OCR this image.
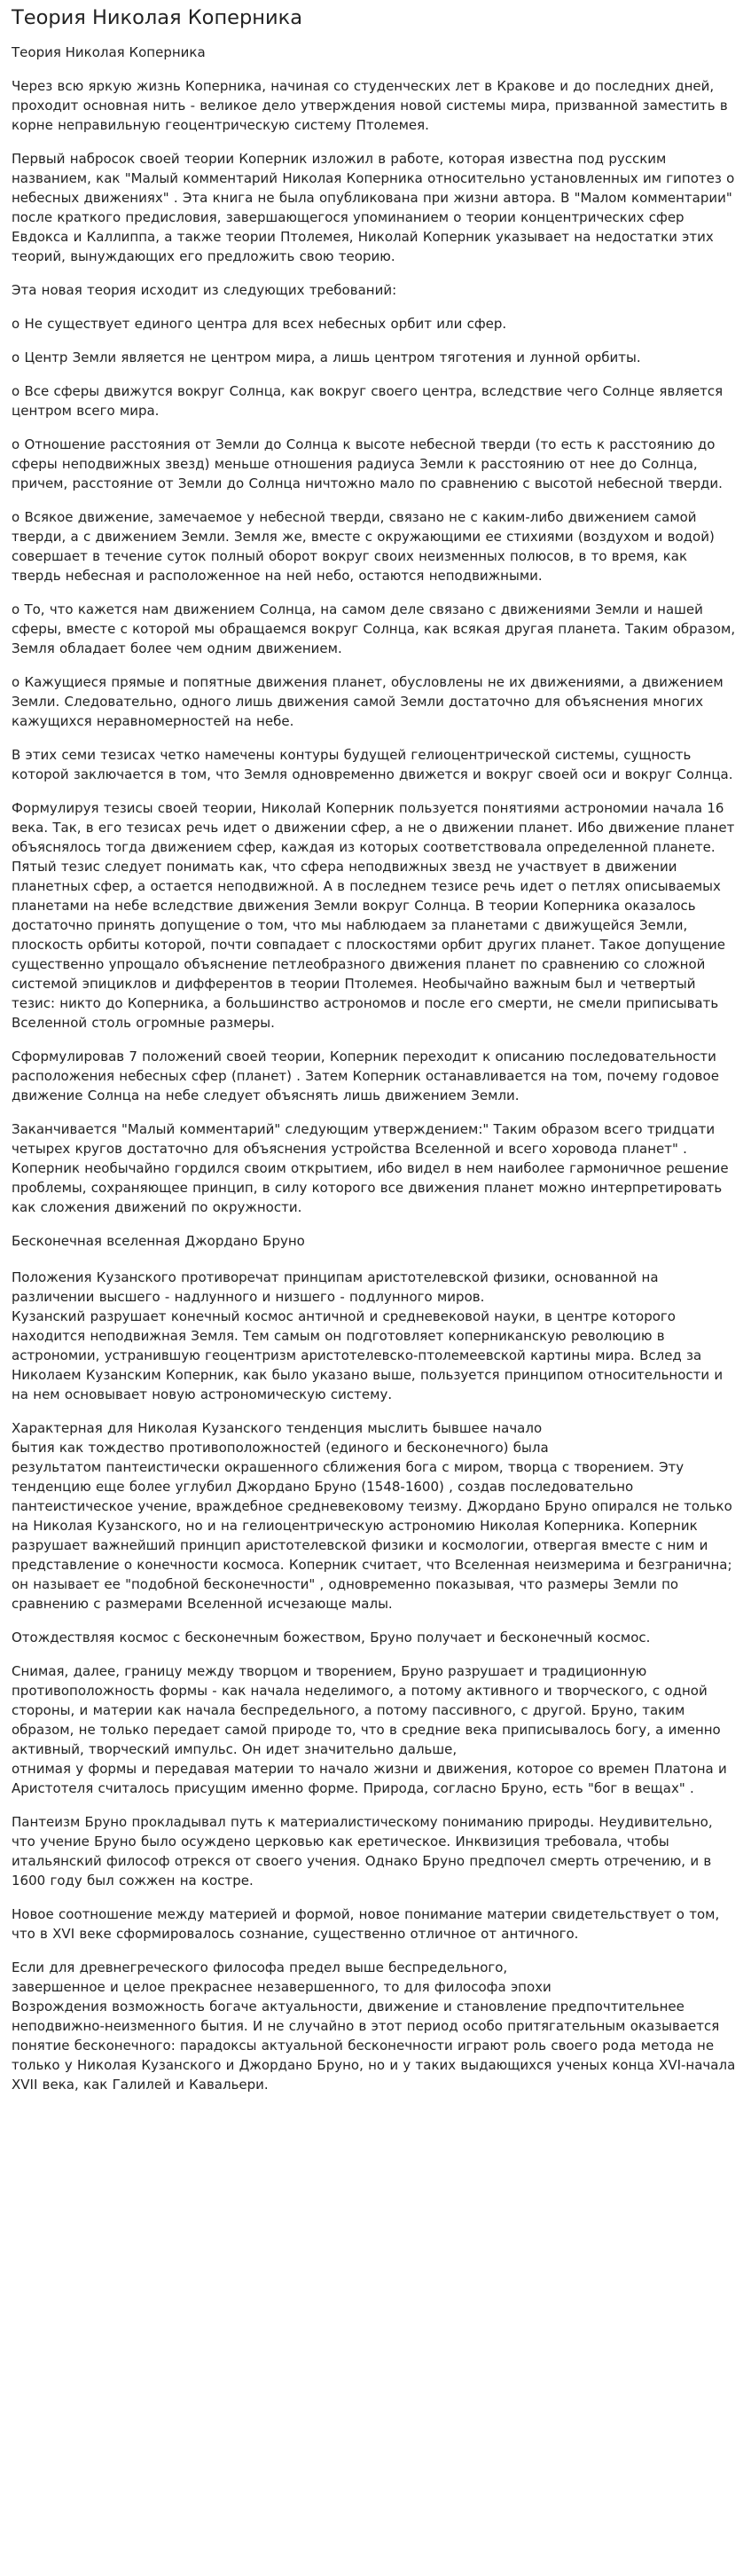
Теория Николая Коперника

Теория Николая Коперника

Через всю яркую жизнь Коперника, начиная со студенческих лет в Кракове и до последних дней, проходит основная нить - великое дело утверждения новой системы мира, призванной заместить в корне неправильную геоцентрическую систему Птолемея.

Первый набросок своей теории Коперник изложил в работе, которая известна под русским названием, как "Малый комментарий Николая Коперника относительно установленных им гипотез о небесных движениях" . Эта книга не была опубликована при жизни автора. В "Малом комментарии" после краткого предисловия, завершающегося упоминанием о теории концентрических сфер Евдокса и Каллиппа, а также теории Птолемея, Николай Коперник указывает на недостатки этих теорий, вынуждающих его предложить свою теорию.

Эта новая теория исходит из следующих требований:

o Не существует единого центра для всех небесных орбит или сфер.

o Центр Земли является не центром мира, а лишь центром тяготения и лунной орбиты.

o Все сферы движутся вокруг Солнца, как вокруг своего центра, вследствие чего Солнце является центром всего мира.

o Отношение расстояния от Земли до Солнца к высоте небесной тверди (то есть к расстоянию до сферы неподвижных звезд) меньше отношения радиуса Земли к расстоянию от нее до Солнца, причем, расстояние от Земли до Солнца ничтожно мало по сравнению с высотой небесной тверди.

o Всякое движение, замечаемое у небесной тверди, связано не с каким-либо движением самой тверди, а с движением Земли. Земля же, вместе с окружающими ее стихиями (воздухом и водой) совершает в течение суток полный оборот вокруг своих неизменных полюсов, в то время, как твердь небесная и расположенное на ней небо, остаются неподвижными.

o То, что кажется нам движением Солнца, на самом деле связано с движениями Земли и нашей сферы, вместе с которой мы обращаемся вокруг Солнца, как всякая другая планета. Таким образом, Земля обладает более чем одним движением.

o Кажущиеся прямые и попятные движения планет, обусловлены не их движениями, а движением Земли. Следовательно, одного лишь движения самой Земли достаточно для объяснения многих кажущихся неравномерностей на небе.

В этих семи тезисах четко намечены контуры будущей гелиоцентрической системы, сущность которой заключается в том, что Земля одновременно движется и вокруг своей оси и вокруг Солнца.

Формулируя тезисы своей теории, Николай Коперник пользуется понятиями астрономии начала 16 века. Так, в его тезисах речь идет о движении сфер, а не о движении планет. Ибо движение планет объяснялось тогда движением сфер, каждая из которых соответствовала определенной планете. Пятый тезис следует понимать как, что сфера неподвижных звезд не участвует в движении планетных сфер, а остается неподвижной. А в последнем тезисе речь идет о петлях описываемых планетами на небе вследствие движения Земли вокруг Солнца. В теории Коперника оказалось достаточно принять допущение о том, что мы наблюдаем за планетами с движущейся Земли, плоскость орбиты которой, почти совпадает с плоскостями орбит других планет. Такое допущение существенно упрощало объяснение петлеобразного движения планет по сравнению со сложной системой эпициклов и дифферентов в теории Птолемея. Необычайно важным был и четвертый тезис: никто до Коперника, а большинство астрономов и после его смерти, не смели приписывать Вселенной столь огромные размеры.

Сформулировав 7 положений своей теории, Коперник переходит к описанию последовательности расположения небесных сфер (планет) . Затем Коперник останавливается на том, почему годовое движение Солнца на небе следует объяснять лишь движением Земли.

Заканчивается "Малый комментарий" следующим утверждением:" Таким образом всего тридцати четырех кругов достаточно для объяснения устройства Вселенной и всего хоровода планет" . Коперник необычайно гордился своим открытием, ибо видел в нем наиболее гармоничное решение проблемы, сохраняющее принцип, в силу которого все движения планет можно интерпретировать как сложения движений по окружности.

Бесконечная вселенная Джордано Бруно

Положения Кузанского противоречат принципам аристотелевской физики, основанной на различении высшего - надлунного и низшего - подлунного миров.
Кузанский разрушает конечный космос античной и средневековой науки, в центре которого находится неподвижная Земля. Тем самым он подготовляет коперниканскую революцию в астрономии, устранившую геоцентризм аристотелевско-птолемеевской картины мира. Вслед за Николаем Кузанским Коперник, как было указано выше, пользуется принципом относительности и на нем основывает новую астрономическую систему.

Характерная для Николая Кузанского тенденция мыслить бывшее начало
бытия как тождество противоположностей (единого и бесконечного) была
результатом пантеистически окрашенного сближения бога с миром, творца с творением. Эту тенденцию еще более углубил Джордано Бруно (1548-1600) , создав последовательно пантеистическое учение, враждебное средневековому теизму. Джордано Бруно опирался не только на Николая Кузанского, но и на гелиоцентрическую астрономию Николая Коперника. Коперник разрушает важнейший принцип аристотелевской физики и космологии, отвергая вместе с ним и представление о конечности космоса. Коперник считает, что Вселенная неизмерима и безгранична; он называет ее "подобной бесконечности" , одновременно показывая, что размеры Земли по сравнению с размерами Вселенной исчезающе малы.

Отождествляя космос с бесконечным божеством, Бруно получает и бесконечный космос.

Снимая, далее, границу между творцом и творением, Бруно разрушает и традиционную противоположность формы - как начала неделимого, а потому активного и творческого, с одной стороны, и материи как начала беспредельного, а потому пассивного, с другой. Бруно, таким образом, не только передает самой природе то, что в средние века приписывалось богу, а именно активный, творческий импульс. Он идет значительно дальше,
отнимая у формы и передавая материи то начало жизни и движения, которое со времен Платона и Аристотеля считалось присущим именно форме. Природа, согласно Бруно, есть "бог в вещах" .

Пантеизм Бруно прокладывал путь к материалистическому пониманию природы. Неудивительно, что учение Бруно было осуждено церковью как еретическое. Инквизиция требовала, чтобы итальянский философ отрекся от своего учения. Однако Бруно предпочел смерть отречению, и в 1600 году был сожжен на костре.

Новое соотношение между материей и формой, новое понимание материи свидетельствует о том, что в XVI веке сформировалось сознание, существенно отличное от античного.

Если для древнегреческого философа предел выше беспредельного,
завершенное и целое прекраснее незавершенного, то для философа эпохи
Возрождения возможность богаче актуальности, движение и становление предпочтительнее неподвижно-неизменного бытия. И не случайно в этот период особо притягательным оказывается понятие бесконечного: парадоксы актуальной бесконечности играют роль своего рода метода не только у Николая Кузанского и Джордано Бруно, но и у таких выдающихся ученых конца XVI-начала XVII века, как Галилей и Кавальери.
